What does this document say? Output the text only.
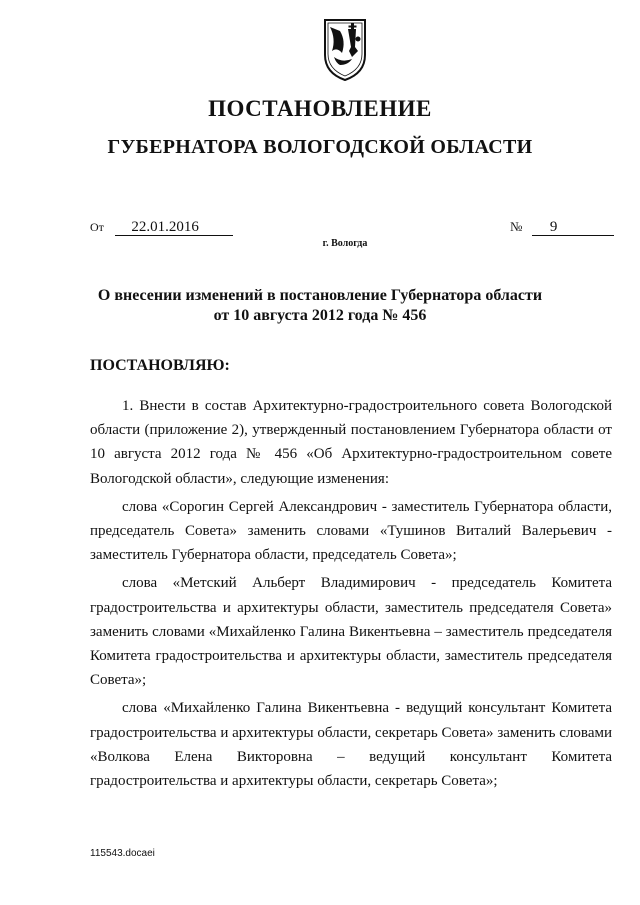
ПОСТАНОВЛЕНИЕ
ГУБЕРНАТОРА ВОЛОГОДСКОЙ ОБЛАСТИ
От 22.01.2016	№ 9
г. Вологда
О внесении изменений в постановление Губернатора области
от 10 августа 2012 года № 456
ПОСТАНОВЛЯЮ:

1. Внести в состав Архитектурно-градостроительного совета Вологодской области (приложение 2), утвержденный постановлением Губернатора области от 10 августа 2012 года № 456 «Об Архитектурно-градостроительном совете Вологодской области», следующие изменения:

слова «Сорогин Сергей Александрович - заместитель Губернатора области, председатель Совета» заменить словами «Тушинов Виталий Валерьевич - заместитель Губернатора области, председатель Совета»;

слова «Метский Альберт Владимирович - председатель Комитета градостроительства и архитектуры области, заместитель председателя Совета» заменить словами «Михайленко Галина Викентьевна – заместитель председателя Комитета градостроительства и архитектуры области, заместитель председателя Совета»;

слова «Михайленко Галина Викентьевна - ведущий консультант Комитета градостроительства и архитектуры области, секретарь Совета» заменить словами «Волкова Елена Викторовна – ведущий консультант Комитета градостроительства и архитектуры области, секретарь Совета»;

115543.docaei
